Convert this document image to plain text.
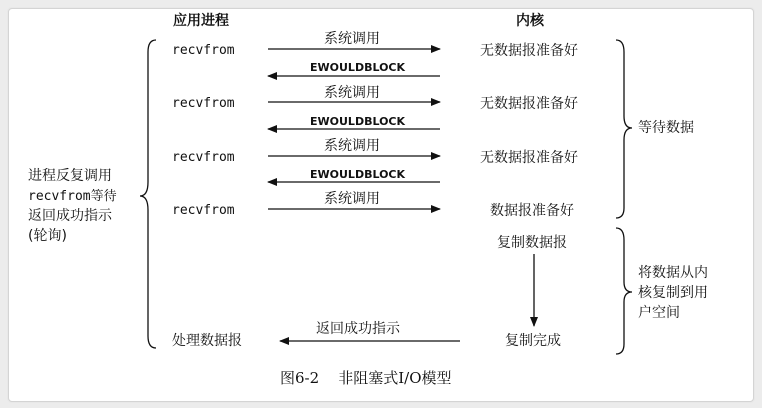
应用进程	内核
recvfrom
系统调用
无数据报准备好
EWOULDBLOCK
recvfrom
系统调用
无数据报准备好
EWOULDBLOCK
recvfrom
系统调用
无数据报准备好
EWOULDBLOCK
recvfrom
系统调用
数据报准备好
复制数据报
复制完成
返回成功指示
处理数据报
进程反复调用
recvfrom等待
返回成功指示
(轮询)
等待数据
将数据从内
核复制到用
户空间
图6-2 非阻塞式I/O模型
